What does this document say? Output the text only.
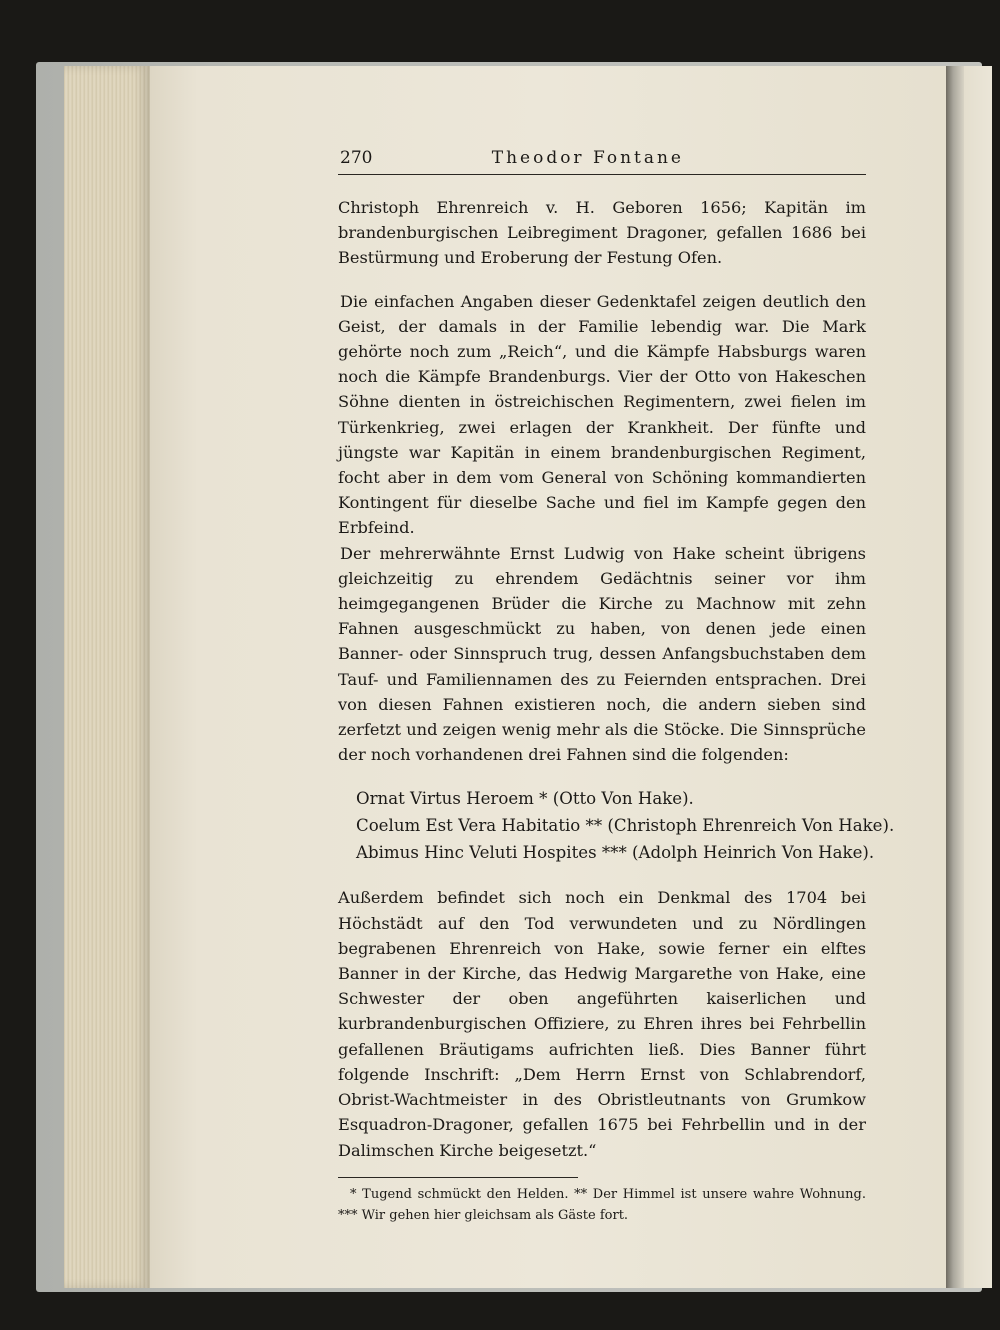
270	Theodor Fontane

Christoph Ehrenreich v. H. Geboren 1656; Kapitän im brandenburgischen Leibregiment Dragoner, gefallen 1686 bei Bestürmung und Eroberung der Festung Ofen.

Die einfachen Angaben dieser Gedenktafel zeigen deutlich den Geist, der damals in der Familie lebendig war. Die Mark gehörte noch zum „Reich“, und die Kämpfe Habsburgs waren noch die Kämpfe Brandenburgs. Vier der Otto von Hakeschen Söhne dienten in östreichischen Regimentern, zwei fielen im Türkenkrieg, zwei erlagen der Krankheit. Der fünfte und jüngste war Kapitän in einem brandenburgischen Regiment, focht aber in dem vom General von Schöning kommandierten Kontingent für dieselbe Sache und fiel im Kampfe gegen den Erbfeind.

Der mehrerwähnte Ernst Ludwig von Hake scheint übrigens gleichzeitig zu ehrendem Gedächtnis seiner vor ihm heimgegangenen Brüder die Kirche zu Machnow mit zehn Fahnen ausgeschmückt zu haben, von denen jede einen Banner- oder Sinnspruch trug, dessen Anfangsbuchstaben dem Tauf- und Familiennamen des zu Feiernden entsprachen. Drei von diesen Fahnen existieren noch, die andern sieben sind zerfetzt und zeigen wenig mehr als die Stöcke. Die Sinnsprüche der noch vorhandenen drei Fahnen sind die folgenden:

Ornat Virtus Heroem * (Otto Von Hake).
Coelum Est Vera Habitatio ** (Christoph Ehrenreich Von Hake).
Abimus Hinc Veluti Hospites *** (Adolph Heinrich Von Hake).

Außerdem befindet sich noch ein Denkmal des 1704 bei Höchstädt auf den Tod verwundeten und zu Nördlingen begrabenen Ehrenreich von Hake, sowie ferner ein elftes Banner in der Kirche, das Hedwig Margarethe von Hake, eine Schwester der oben angeführten kaiserlichen und kurbrandenburgischen Offiziere, zu Ehren ihres bei Fehrbellin gefallenen Bräutigams aufrichten ließ. Dies Banner führt folgende Inschrift: „Dem Herrn Ernst von Schlabrendorf, Obrist-Wachtmeister in des Obristleutnants von Grumkow Esquadron-Dragoner, gefallen 1675 bei Fehrbellin und in der Dalimschen Kirche beigesetzt.“

* Tugend schmückt den Helden. ** Der Himmel ist unsere wahre Wohnung. *** Wir gehen hier gleichsam als Gäste fort.
